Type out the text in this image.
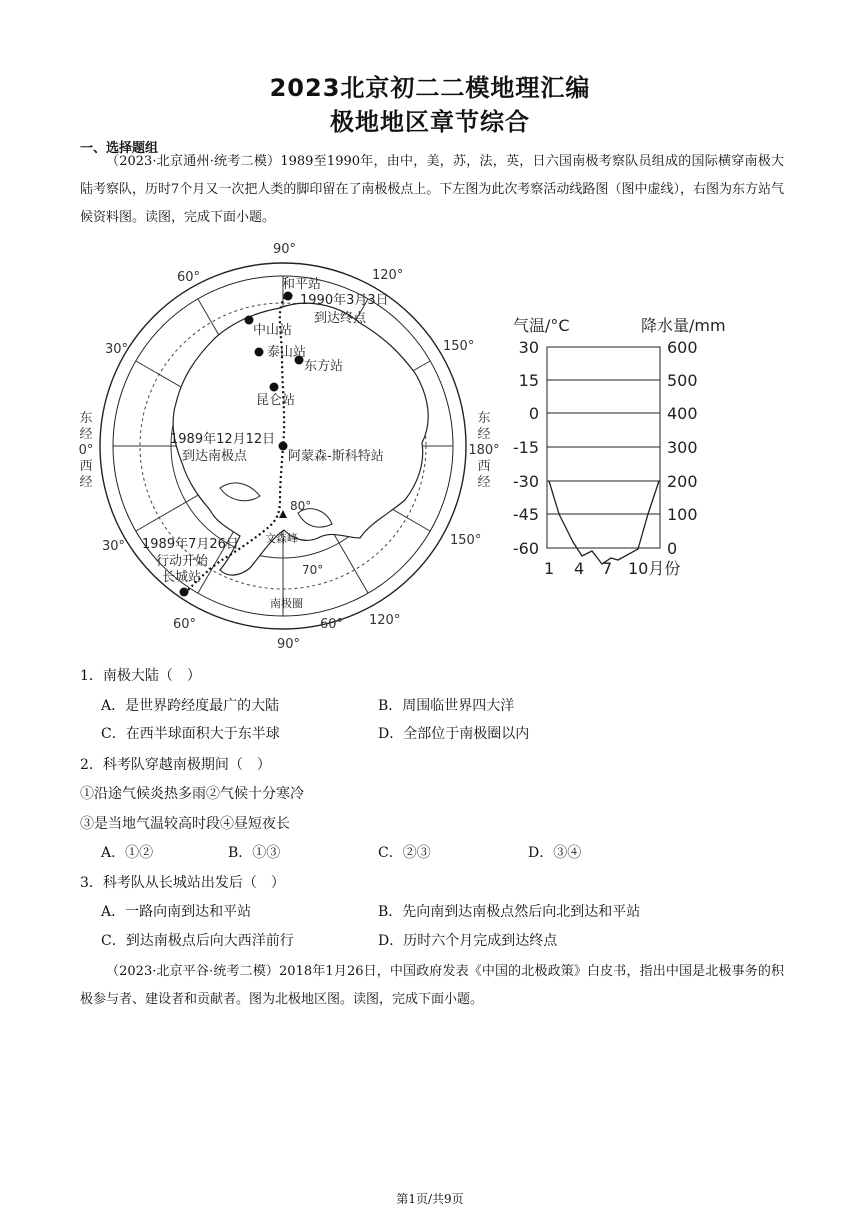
2023北京初二二模地理汇编
极地地区章节综合
一、选择题组
（2023·北京通州·统考二模）1989至1990年，由中，美，苏，法，英，日六国南极考察队员组成的国际横穿南极大陆考察队，历时7个月又一次把人类的脚印留在了南极极点上。下左图为此次考察活动线路图（图中虚线），右图为东方站气候资料图。读图，完成下面小题。
90°
60°	120°
30°	150°
30°	150°
60°
90°
60° 120°
80°
70°
东
经
0°
西
经
东
经
180°
西
经
和平站
1990年3月3日
到达终点
中山站
泰山站
东方站
昆仑站
1989年12月12日
到达南极点	阿蒙森-斯科特站
文森峰
1989年7月26日
行动开始
长城站
南极圈
气温/°C	降水量/mm
30
15
0
-15
-30
-45
-60
600
500
400
300
200
100
0
1 4 7 10月份
1．南极大陆（　）
A．是世界跨经度最广的大陆	B．周围临世界四大洋
C．在西半球面积大于东半球	D．全部位于南极圈以内
2．科考队穿越南极期间（　）
①沿途气候炎热多雨②气候十分寒冷
③是当地气温较高时段④昼短夜长
A．①②	B．①③	C．②③	D．③④
3．科考队从长城站出发后（　）
A．一路向南到达和平站	B．先向南到达南极点然后向北到达和平站
C．到达南极点后向大西洋前行	D．历时六个月完成到达终点
（2023·北京平谷·统考二模）2018年1月26日，中国政府发表《中国的北极政策》白皮书，指出中国是北极事务的积极参与者、建设者和贡献者。图为北极地区图。读图，完成下面小题。
第1页/共9页
